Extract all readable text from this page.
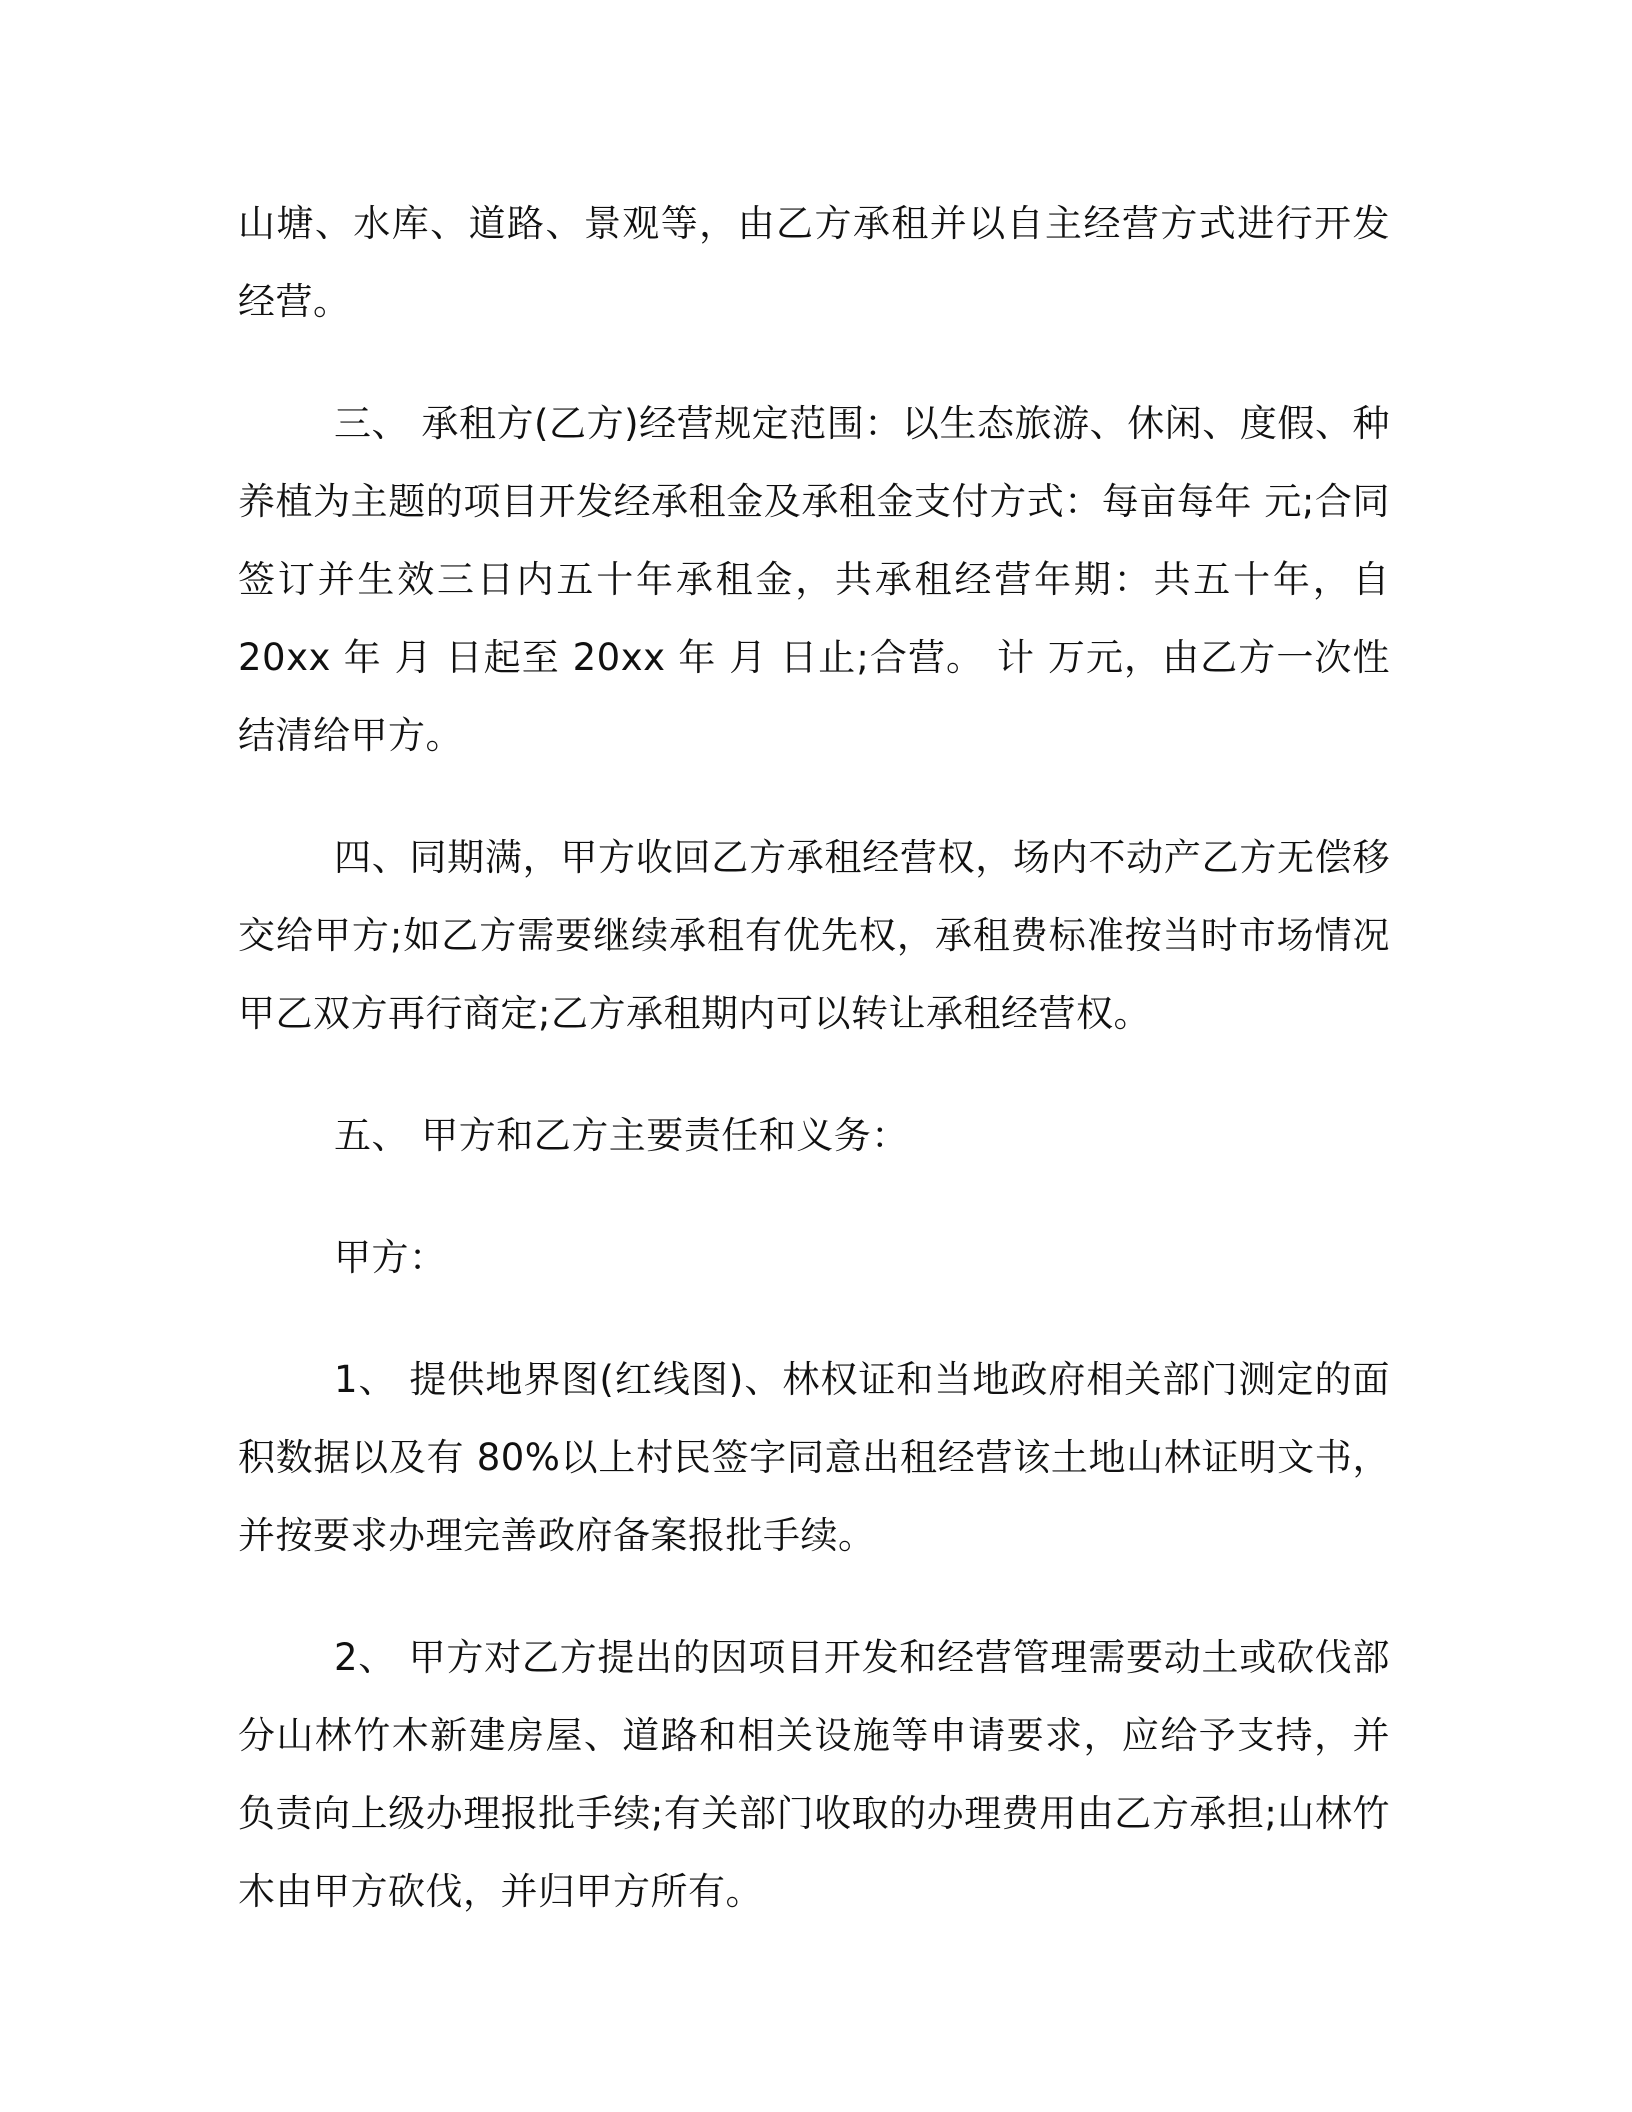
山塘、水库、道路、景观等，由乙方承租并以自主经营方式进行开发经营。

三、 承租方(乙方)经营规定范围：以生态旅游、休闲、度假、种养植为主题的项目开发经承租金及承租金支付方式：每亩每年 元;合同签订并生效三日内五十年承租金，共承租经营年期：共五十年，自 20xx 年 月 日起至 20xx 年 月 日止;合营。 计 万元，由乙方一次性结清给甲方。

四、同期满，甲方收回乙方承租经营权，场内不动产乙方无偿移交给甲方;如乙方需要继续承租有优先权，承租费标准按当时市场情况甲乙双方再行商定;乙方承租期内可以转让承租经营权。

五、 甲方和乙方主要责任和义务：

甲方：

1、 提供地界图(红线图)、林权证和当地政府相关部门测定的面积数据以及有 80%以上村民签字同意出租经营该土地山林证明文书，并按要求办理完善政府备案报批手续。

2、 甲方对乙方提出的因项目开发和经营管理需要动土或砍伐部分山林竹木新建房屋、道路和相关设施等申请要求，应给予支持，并负责向上级办理报批手续;有关部门收取的办理费用由乙方承担;山林竹木由甲方砍伐，并归甲方所有。
